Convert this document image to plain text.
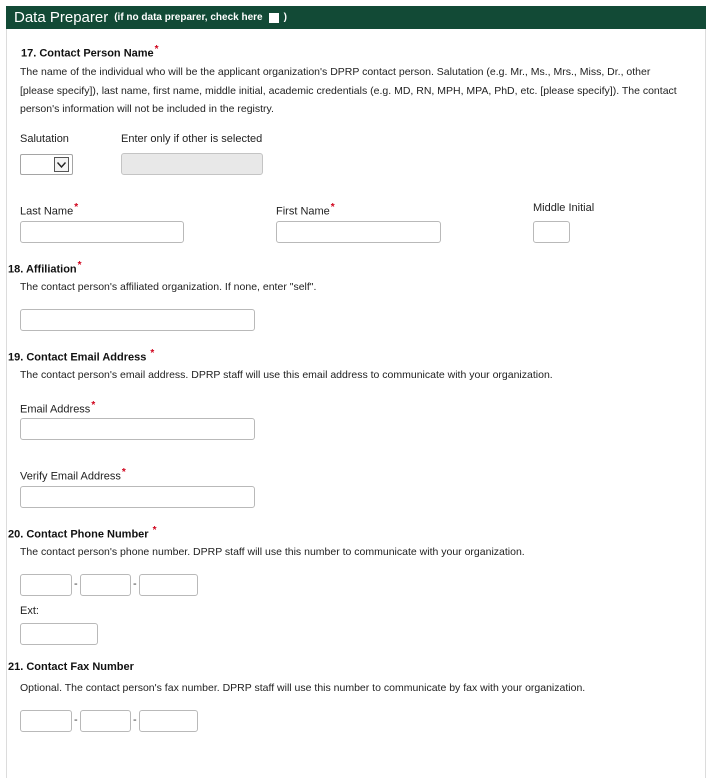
Data Preparer (if no data preparer, check here )
17. Contact Person Name*
The name of the individual who will be the applicant organization's DPRP contact person. Salutation (e.g. Mr., Ms., Mrs., Miss, Dr., other [please specify]), last name, first name, middle initial, academic credentials (e.g. MD, RN, MPH, MPA, PhD, etc. [please specify]). The contact person's information will not be included in the registry.
Salutation	Enter only if other is selected
Last Name*	First Name*	Middle Initial
18. Affiliation*
The contact person's affiliated organization. If none, enter "self".
19. Contact Email Address *
The contact person's email address. DPRP staff will use this email address to communicate with your organization.
Email Address*
Verify Email Address*
20. Contact Phone Number *
The contact person's phone number. DPRP staff will use this number to communicate with your organization.
-	-
Ext:
21. Contact Fax Number
Optional. The contact person's fax number. DPRP staff will use this number to communicate by fax with your organization.
-	-
